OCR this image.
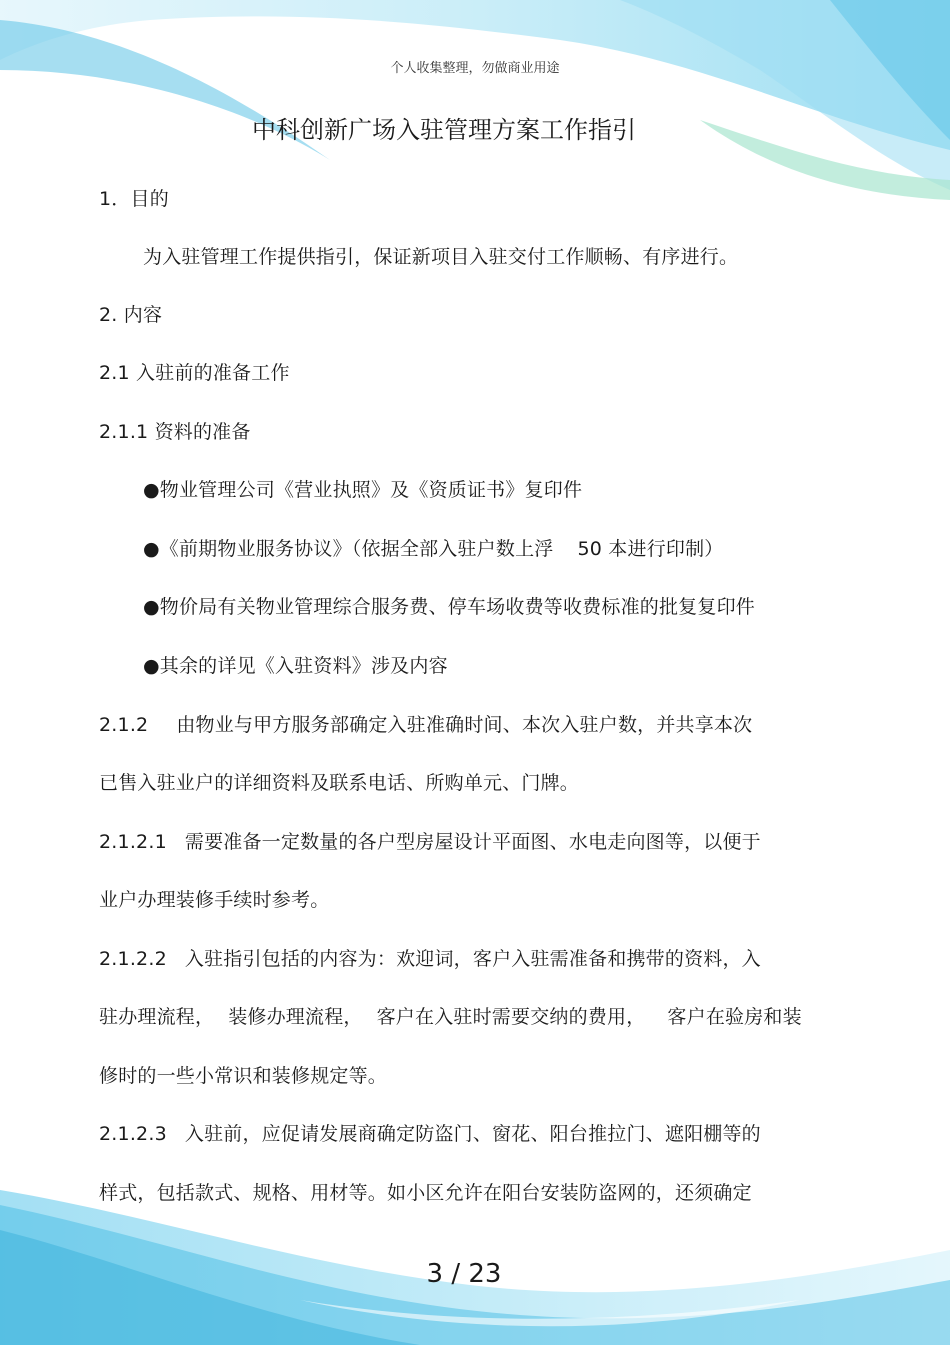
个人收集整理，勿做商业用途
中科创新广场入驻管理方案工作指引
1．目的
为入驻管理工作提供指引，保证新项目入驻交付工作顺畅、有序进行。
2. 内容
2.1 入驻前的准备工作
2.1.1 资料的准备
●物业管理公司《营业执照》及《资质证书》复印件
●《前期物业服务协议》（依据全部入驻户数上浮 50 本进行印制）
●物价局有关物业管理综合服务费、停车场收费等收费标准的批复复印件
●其余的详见《入驻资料》涉及内容
2.1.2 由物业与甲方服务部确定入驻准确时间、本次入驻户数，并共享本次
已售入驻业户的详细资料及联系电话、所购单元、门牌。
2.1.2.1 需要准备一定数量的各户型房屋设计平面图、水电走向图等，以便于
业户办理装修手续时参考。
2.1.2.2 入驻指引包括的内容为：欢迎词，客户入驻需准备和携带的资料，入
驻办理流程， 装修办理流程， 客户在入驻时需要交纳的费用， 客户在验房和装
修时的一些小常识和装修规定等。
2.1.2.3 入驻前，应促请发展商确定防盗门、窗花、阳台推拉门、遮阳棚等的
样式，包括款式、规格、用材等。如小区允许在阳台安装防盗网的，还须确定
3 / 23
